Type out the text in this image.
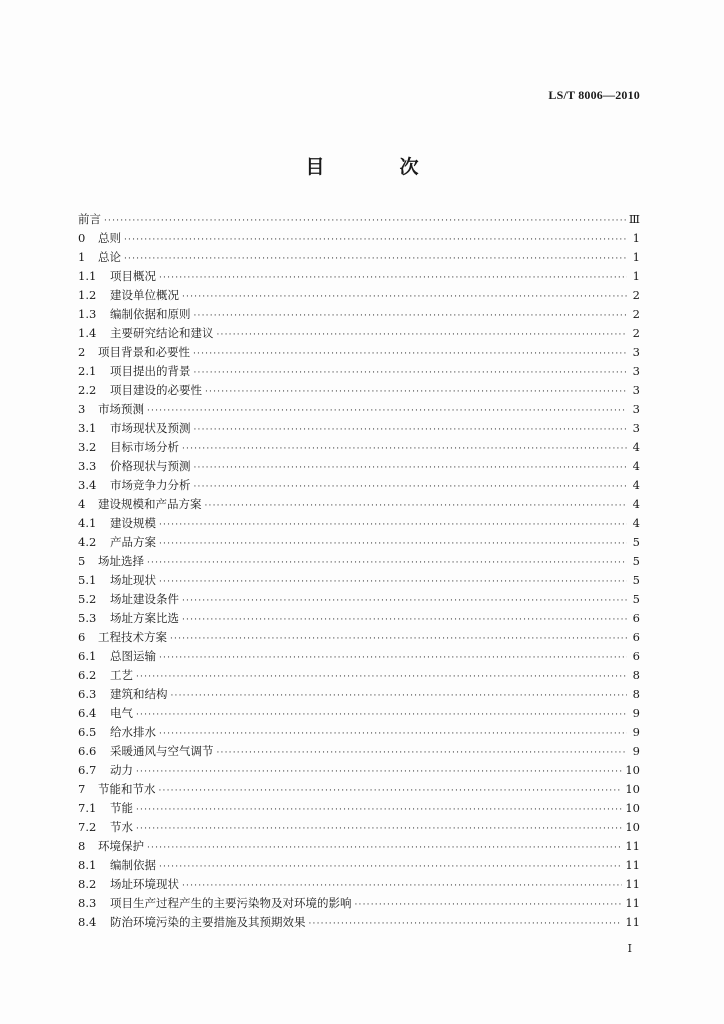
LS/T 8006—2010
目　次
前言 ·····	Ⅲ
0	总则 ·····	1
1	总论 ·····	1
1.1	项目概况 ·····	1
1.2	建设单位概况 ·····	2
1.3	编制依据和原则 ·····	2
1.4	主要研究结论和建议 ·····	2
2	项目背景和必要性 ·····	3
2.1	项目提出的背景 ·····	3
2.2	项目建设的必要性 ·····	3
3	市场预测 ·····	3
3.1	市场现状及预测 ·····	3
3.2	目标市场分析 ·····	4
3.3	价格现状与预测 ·····	4
3.4	市场竞争力分析 ·····	4
4	建设规模和产品方案 ·····	4
4.1	建设规模 ·····	4
4.2	产品方案 ·····	5
5	场址选择 ·····	5
5.1	场址现状 ·····	5
5.2	场址建设条件 ·····	5
5.3	场址方案比选 ·····	6
6	工程技术方案 ·····	6
6.1	总图运输 ·····	6
6.2	工艺 ·····	8
6.3	建筑和结构 ·····	8
6.4	电气 ·····	9
6.5	给水排水 ·····	9
6.6	采暖通风与空气调节 ·····	9
6.7	动力 ·····	10
7	节能和节水 ·····	10
7.1	节能 ·····	10
7.2	节水 ·····	10
8	环境保护 ·····	11
8.1	编制依据 ·····	11
8.2	场址环境现状 ·····	11
8.3	项目生产过程产生的主要污染物及对环境的影响 ·····	11
8.4	防治环境污染的主要措施及其预期效果 ·····	11
I
